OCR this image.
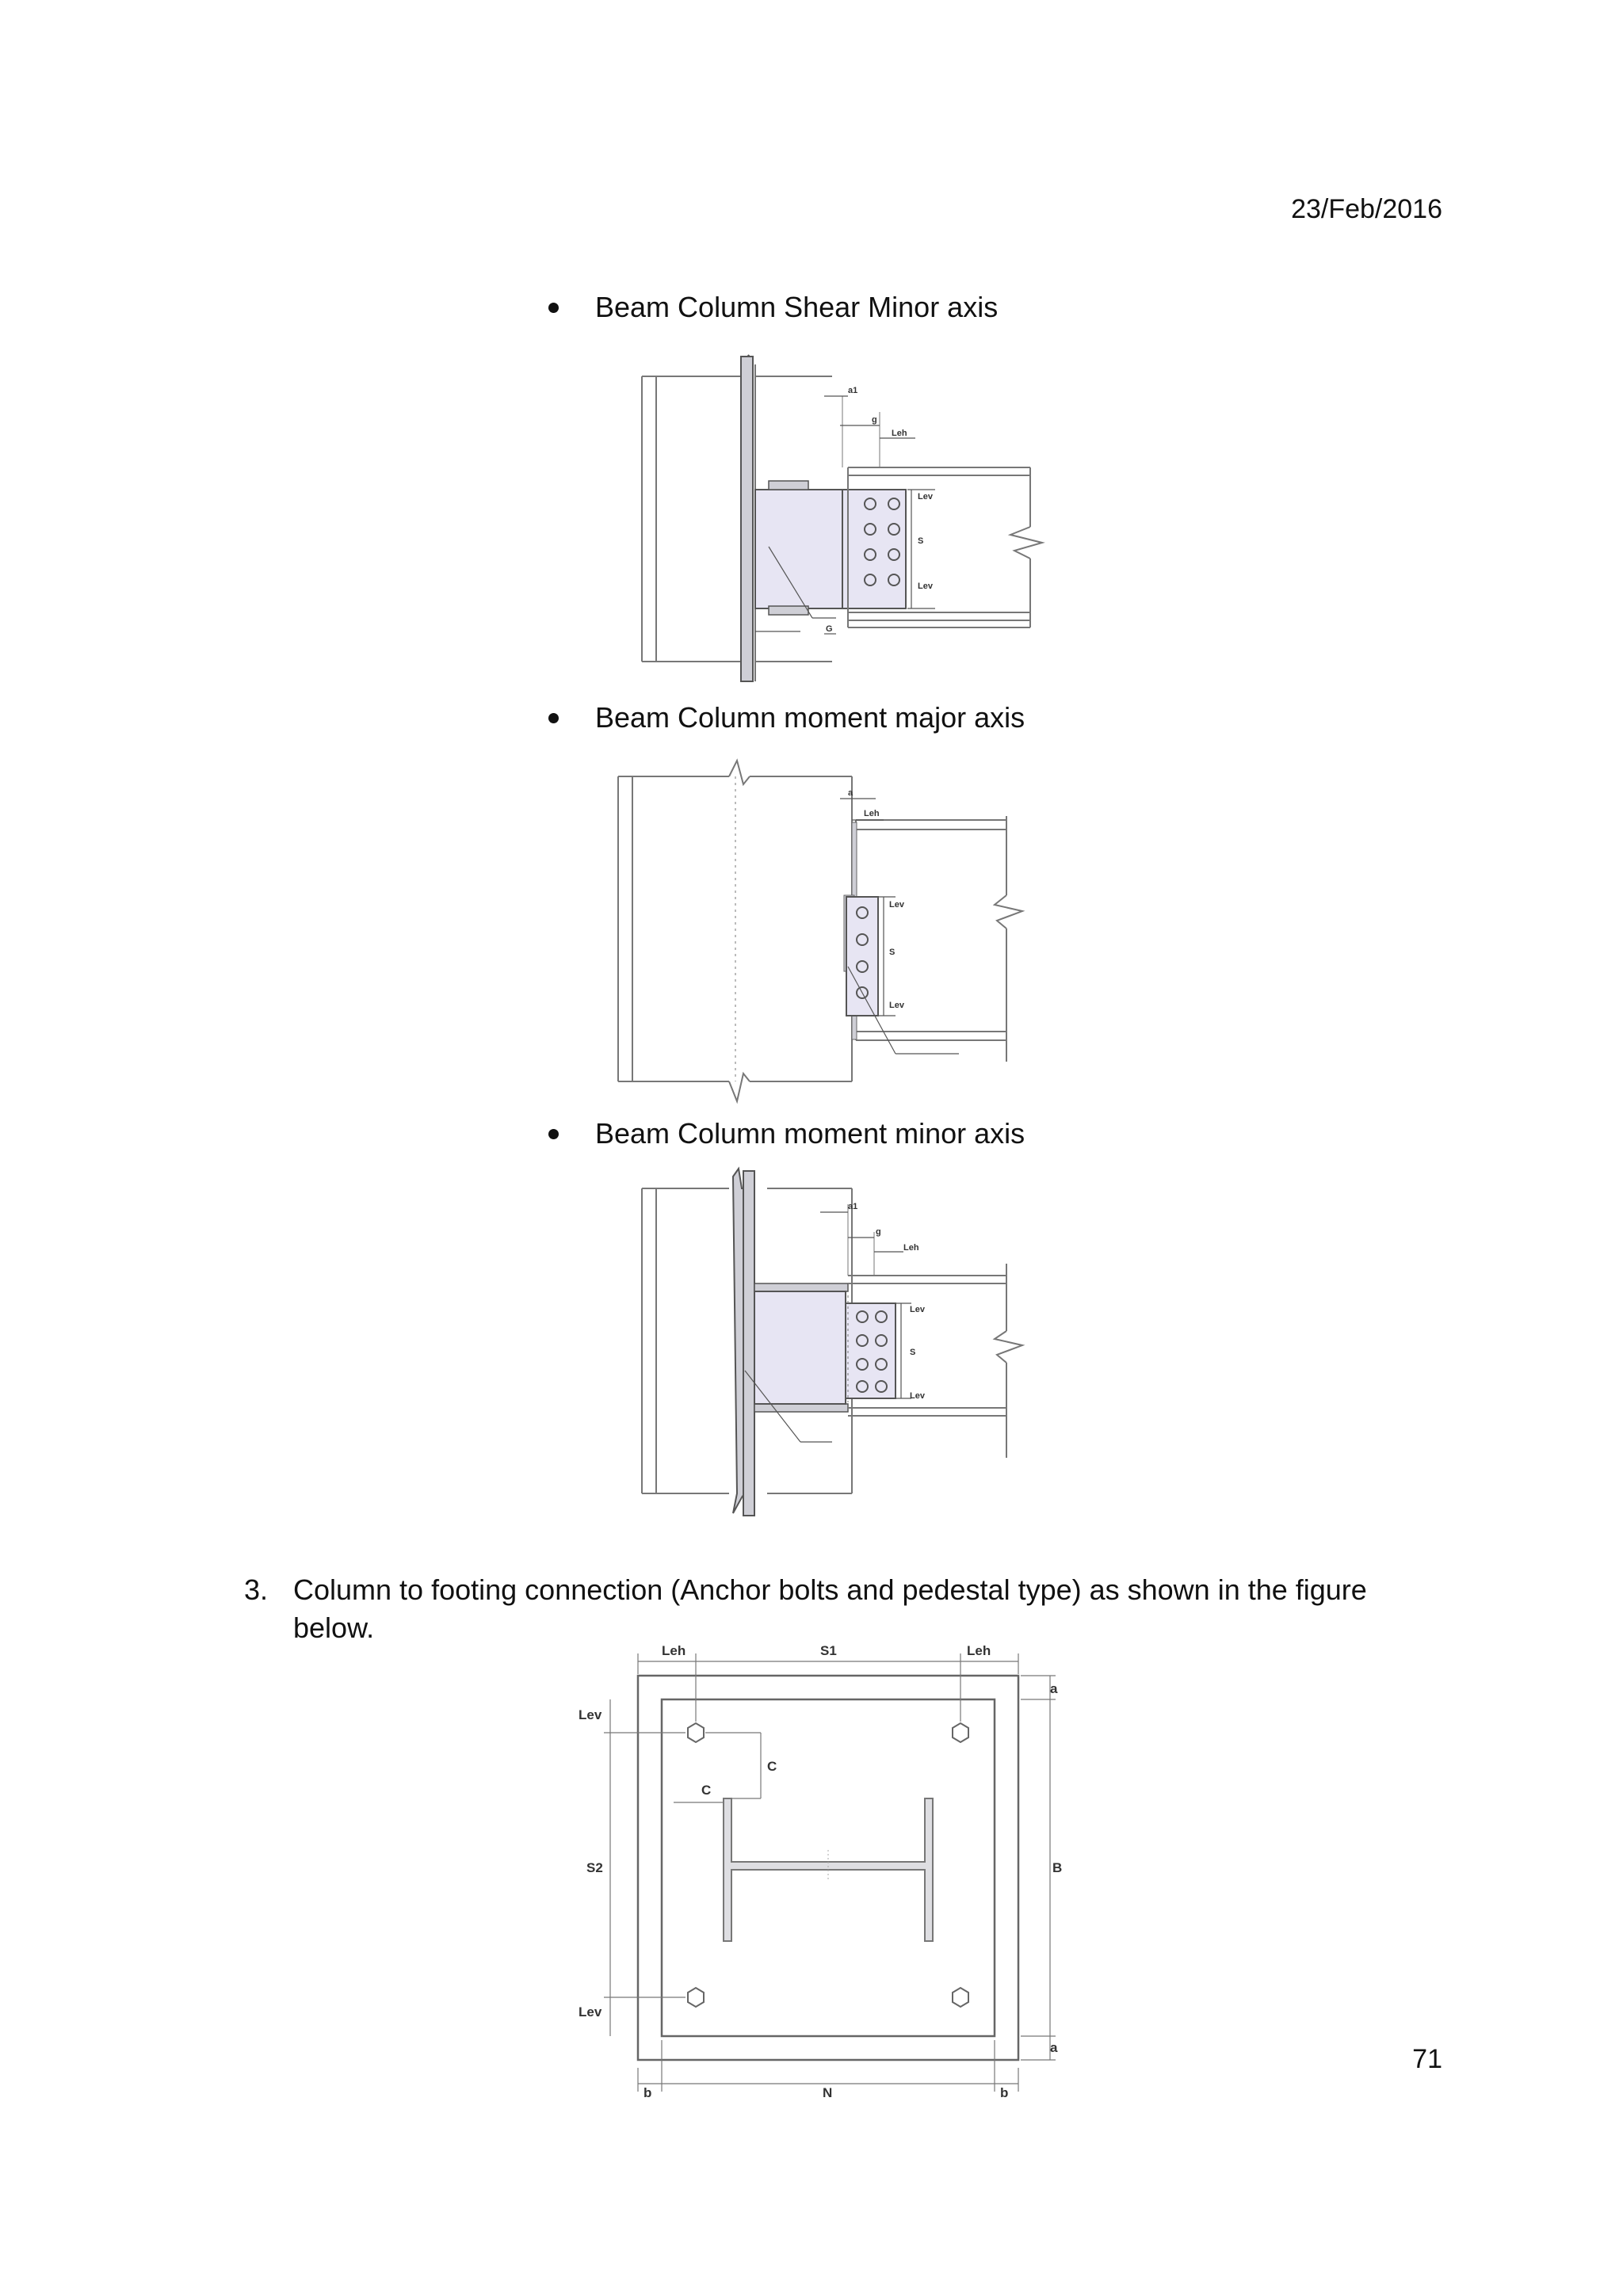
23/Feb/2016
Beam Column Shear Minor axis
a1
g
Leh
Lev
S
Lev
G
Beam Column moment major axis
a
Leh
Lev
S
Lev
Beam Column moment minor axis
a1
g
Leh
Lev
S
Lev
3. Column to footing connection (Anchor bolts and pedestal type) as shown in the figure below.
Leh	S1	Leh
a
Lev
C
C
S2	B
Lev
a
b	N	b
71
